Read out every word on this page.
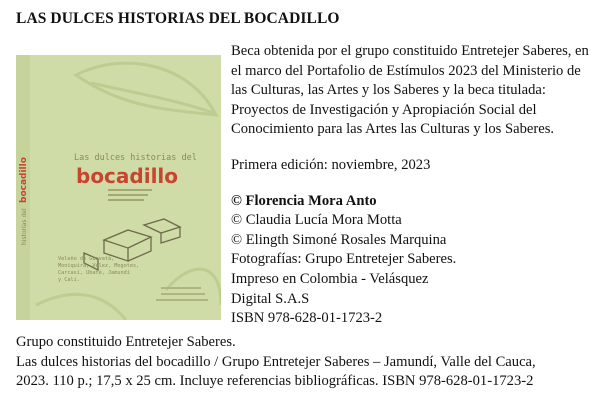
LAS DULCES HISTORIAS DEL BOCADILLO
historias del
bocadillo	Las dulces historias del
bocadillo
Veleño de Guavatá,
Moniquirá, Vélez, Mogotes,
Carcasí, Ubaté, Jamundí
y Cali.

Beca obtenida por el grupo constituido Entretejer Saberes, en el marco del Portafolio de Estímulos 2023 del Ministerio de las Culturas, las Artes y los Saberes y la beca titulada: Proyectos de Investigación y Apropiación Social del Conocimiento para las Artes las Culturas y los Saberes.

Primera edición: noviembre, 2023

© Florencia Mora Anto

© Claudia Lucía Mora Motta

© Elingth Simoné Rosales Marquina

Fotografías: Grupo Entretejer Saberes.

Impreso en Colombia - Velásquez

Digital S.A.S

ISBN 978-628-01-1723-2

Grupo constituido Entretejer Saberes.

Las dulces historias del bocadillo / Grupo Entretejer Saberes – Jamundí, Valle del Cauca,

2023. 110 p.; 17,5 x 25 cm. Incluye referencias bibliográficas. ISBN 978-628-01-1723-2
